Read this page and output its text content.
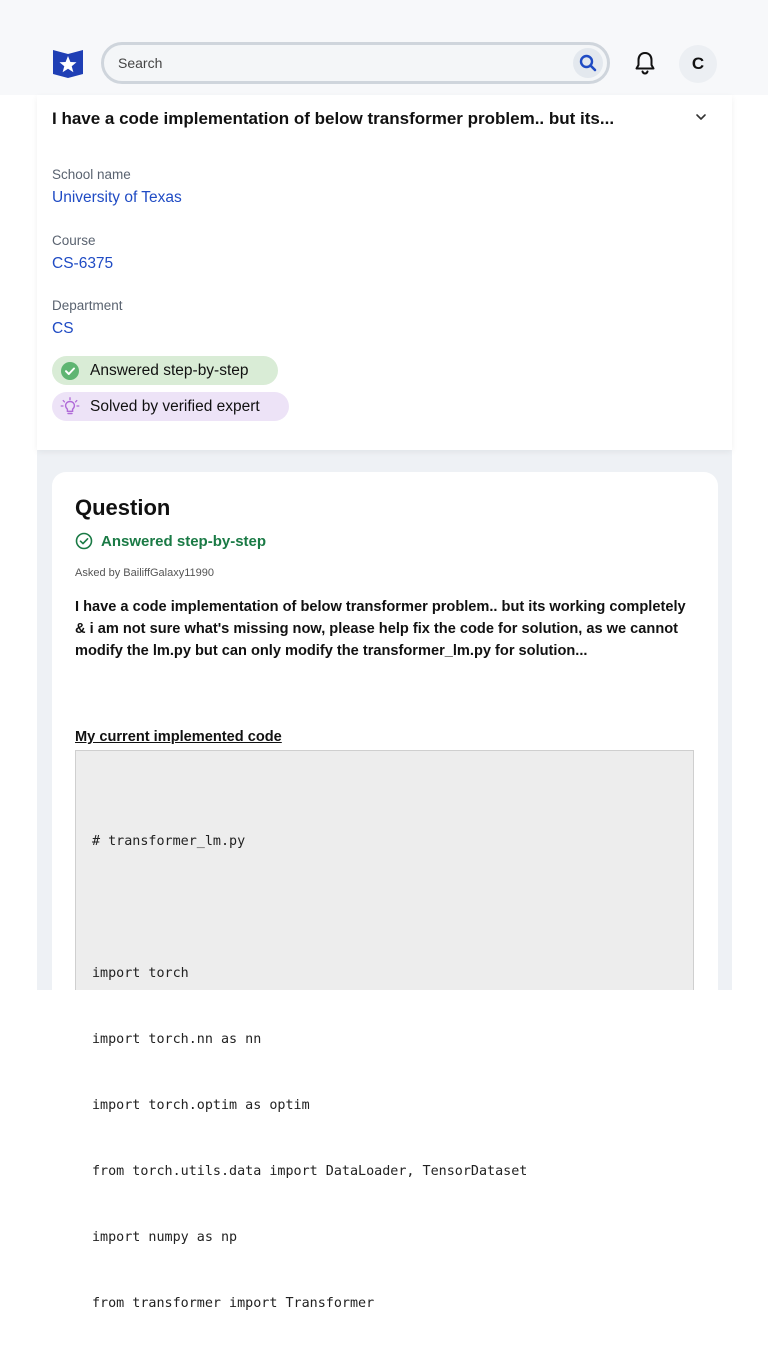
Search
C
I have a code implementation of below transformer problem.. but its...
School name
University of Texas
Course
CS-6375
Department
CS
Answered step-by-step
Solved by verified expert
Question
Answered step-by-step
Asked by BailiffGalaxy11990
I have a code implementation of below transformer problem.. but its working completely & i am not sure what's missing now, please help fix the code for solution, as we cannot modify the lm.py but can only modify the transformer_lm.py for solution...
My current implemented code

# transformer_lm.py

import torch

import torch.nn as nn

import torch.optim as optim

from torch.utils.data import DataLoader, TensorDataset

import numpy as np

from transformer import Transformer
